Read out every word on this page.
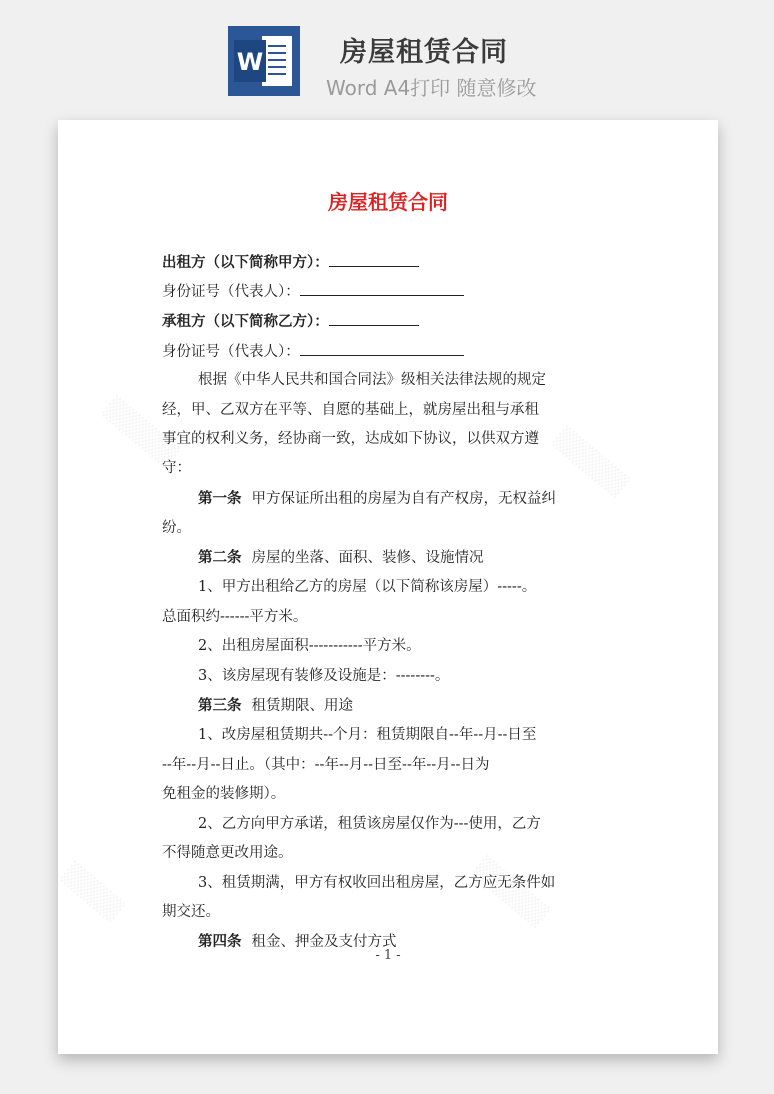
W	房屋租赁合同
Word A4打印 随意修改
房屋租赁合同
出租方（以下简称甲方）：
身份证号（代表人）：
承租方（以下简称乙方）：
身份证号（代表人）：
根据《中华人民共和国合同法》级相关法律法规的规定
经，甲、乙双方在平等、自愿的基础上，就房屋出租与承租
事宜的权利义务，经协商一致，达成如下协议，以供双方遵
守：
第一条 甲方保证所出租的房屋为自有产权房，无权益纠
纷。
第二条 房屋的坐落、面积、装修、设施情况
1、甲方出租给乙方的房屋（以下简称该房屋）-----。
总面积约------平方米。
2、出租房屋面积-----------平方米。
3、该房屋现有装修及设施是：--------。
第三条 租赁期限、用途
1、改房屋租赁期共--个月：租赁期限自--年--月--日至
--年--月--日止。（其中：--年--月--日至--年--月--日为
免租金的装修期）。
2、乙方向甲方承诺，租赁该房屋仅作为---使用，乙方
不得随意更改用途。
3、租赁期满，甲方有权收回出租房屋，乙方应无条件如
期交还。
第四条 租金、押金及支付方式
- 1 -
